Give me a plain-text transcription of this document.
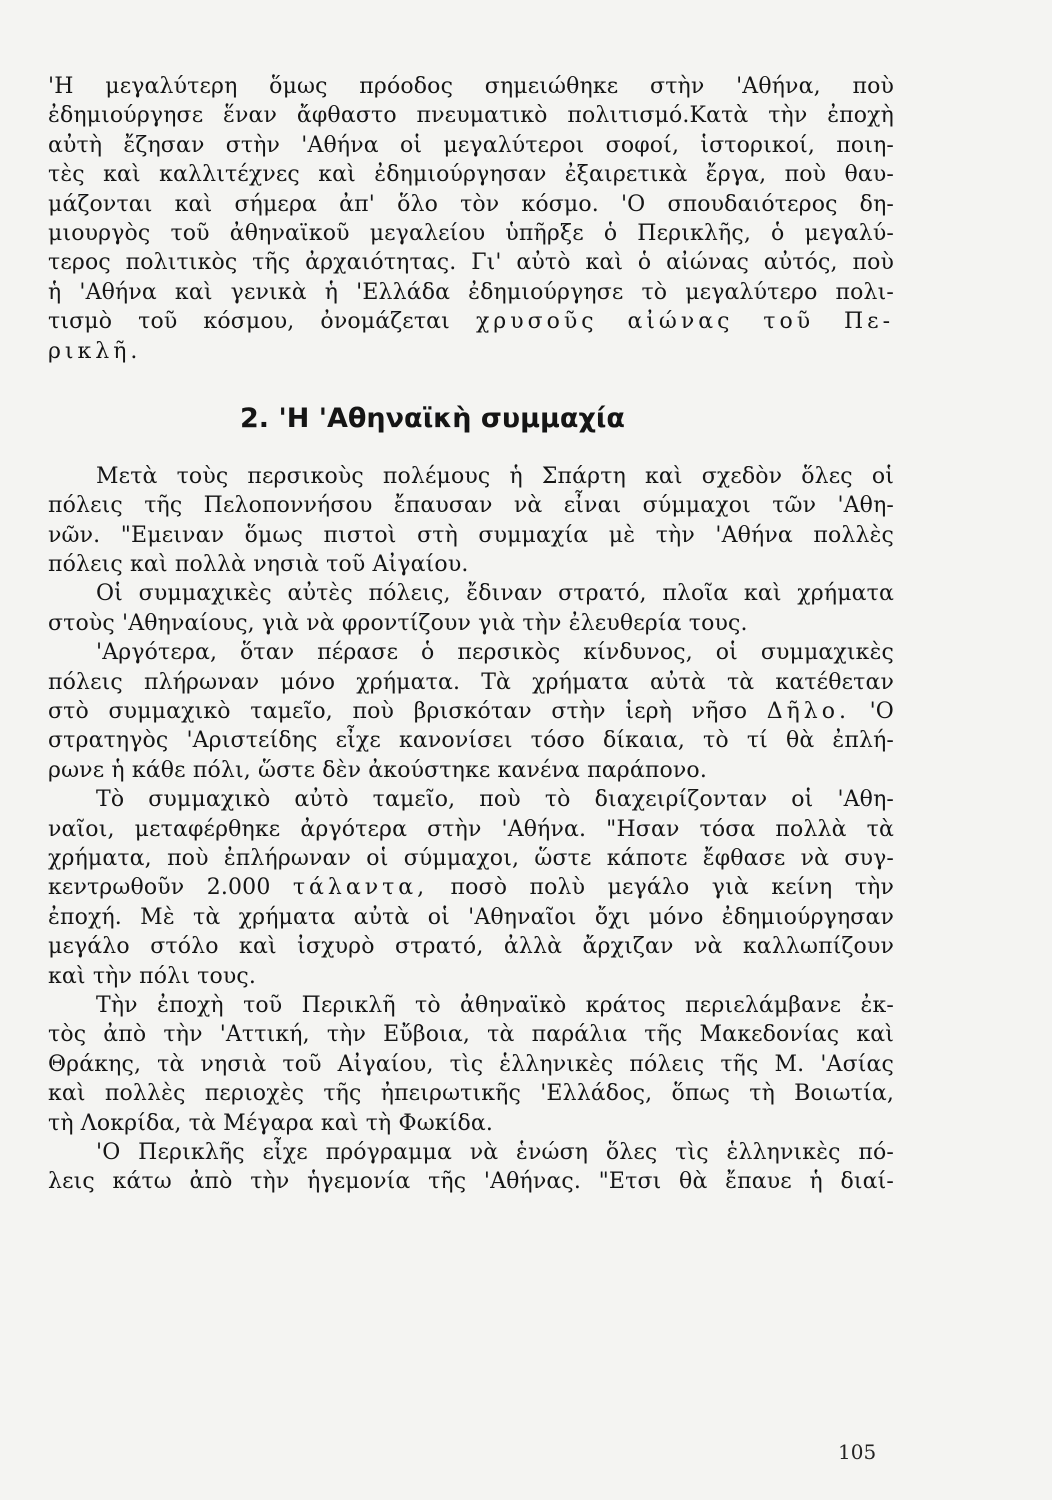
'Η μεγαλύτερη ὅμως πρόοδος σημειώθηκε στὴν 'Αθήνα, ποὺ
ἐδημιούργησε ἕναν ἄφθαστο πνευματικὸ πολιτισμό.Κατὰ τὴν ἐποχὴ
αὐτὴ ἔζησαν στὴν 'Αθήνα οἱ μεγαλύτεροι σοφοί, ἱστορικοί, ποιη-
τὲς καὶ καλλιτέχνες καὶ ἐδημιούργησαν ἐξαιρετικὰ ἔργα, ποὺ θαυ-
μάζονται καὶ σήμερα ἀπ' ὅλο τὸν κόσμο. 'Ο σπουδαιότερος δη-
μιουργὸς τοῦ ἀθηναϊκοῦ μεγαλείου ὑπῆρξε ὁ Περικλῆς, ὁ μεγαλύ-
τερος πολιτικὸς τῆς ἀρχαιότητας. Γι' αὐτὸ καὶ ὁ αἰώνας αὐτός, ποὺ
ἡ 'Αθήνα καὶ γενικὰ ἡ 'Ελλάδα ἐδημιούργησε τὸ μεγαλύτερο πολι-
τισμὸ τοῦ κόσμου, ὀνομάζεται χρυσοῦς αἰώνας τοῦ Πε-
ρικλῆ.
2. 'Η 'Αθηναϊκὴ συμμαχία
Μετὰ τοὺς περσικοὺς πολέμους ἡ Σπάρτη καὶ σχεδὸν ὅλες οἱ
πόλεις τῆς Πελοποννήσου ἔπαυσαν νὰ εἶναι σύμμαχοι τῶν 'Αθη-
νῶν. "Εμειναν ὅμως πιστοὶ στὴ συμμαχία μὲ τὴν 'Αθήνα πολλὲς
πόλεις καὶ πολλὰ νησιὰ τοῦ Αἰγαίου.
Οἱ συμμαχικὲς αὐτὲς πόλεις, ἔδιναν στρατό, πλοῖα καὶ χρήματα
στοὺς 'Αθηναίους, γιὰ νὰ φροντίζουν γιὰ τὴν ἐλευθερία τους.
'Αργότερα, ὅταν πέρασε ὁ περσικὸς κίνδυνος, οἱ συμμαχικὲς
πόλεις πλήρωναν μόνο χρήματα. Τὰ χρήματα αὐτὰ τὰ κατέθεταν
στὸ συμμαχικὸ ταμεῖο, ποὺ βρισκόταν στὴν ἱερὴ νῆσο Δῆλο. 'Ο
στρατηγὸς 'Αριστείδης εἶχε κανονίσει τόσο δίκαια, τὸ τί θὰ ἐπλή-
ρωνε ἡ κάθε πόλι, ὥστε δὲν ἀκούστηκε κανένα παράπονο.
Τὸ συμμαχικὸ αὐτὸ ταμεῖο, ποὺ τὸ διαχειρίζονταν οἱ 'Αθη-
ναῖοι, μεταφέρθηκε ἀργότερα στὴν 'Αθήνα. "Ησαν τόσα πολλὰ τὰ
χρήματα, ποὺ ἐπλήρωναν οἱ σύμμαχοι, ὥστε κάποτε ἔφθασε νὰ συγ-
κεντρωθοῦν 2.000 τάλαντα, ποσὸ πολὺ μεγάλο γιὰ κείνη τὴν
ἐποχή. Μὲ τὰ χρήματα αὐτὰ οἱ 'Αθηναῖοι ὄχι μόνο ἐδημιούργησαν
μεγάλο στόλο καὶ ἰσχυρὸ στρατό, ἀλλὰ ἄρχιζαν νὰ καλλωπίζουν
καὶ τὴν πόλι τους.
Τὴν ἐποχὴ τοῦ Περικλῆ τὸ ἀθηναϊκὸ κράτος περιελάμβανε ἐκ-
τὸς ἀπὸ τὴν 'Αττική, τὴν Εὔβοια, τὰ παράλια τῆς Μακεδονίας καὶ
Θράκης, τὰ νησιὰ τοῦ Αἰγαίου, τὶς ἑλληνικὲς πόλεις τῆς Μ. 'Ασίας
καὶ πολλὲς περιοχὲς τῆς ἠπειρωτικῆς 'Ελλάδος, ὅπως τὴ Βοιωτία,
τὴ Λοκρίδα, τὰ Μέγαρα καὶ τὴ Φωκίδα.
'Ο Περικλῆς εἶχε πρόγραμμα νὰ ἑνώση ὅλες τὶς ἑλληνικὲς πό-
λεις κάτω ἀπὸ τὴν ἡγεμονία τῆς 'Αθήνας. "Ετσι θὰ ἔπαυε ἡ διαί-
105
